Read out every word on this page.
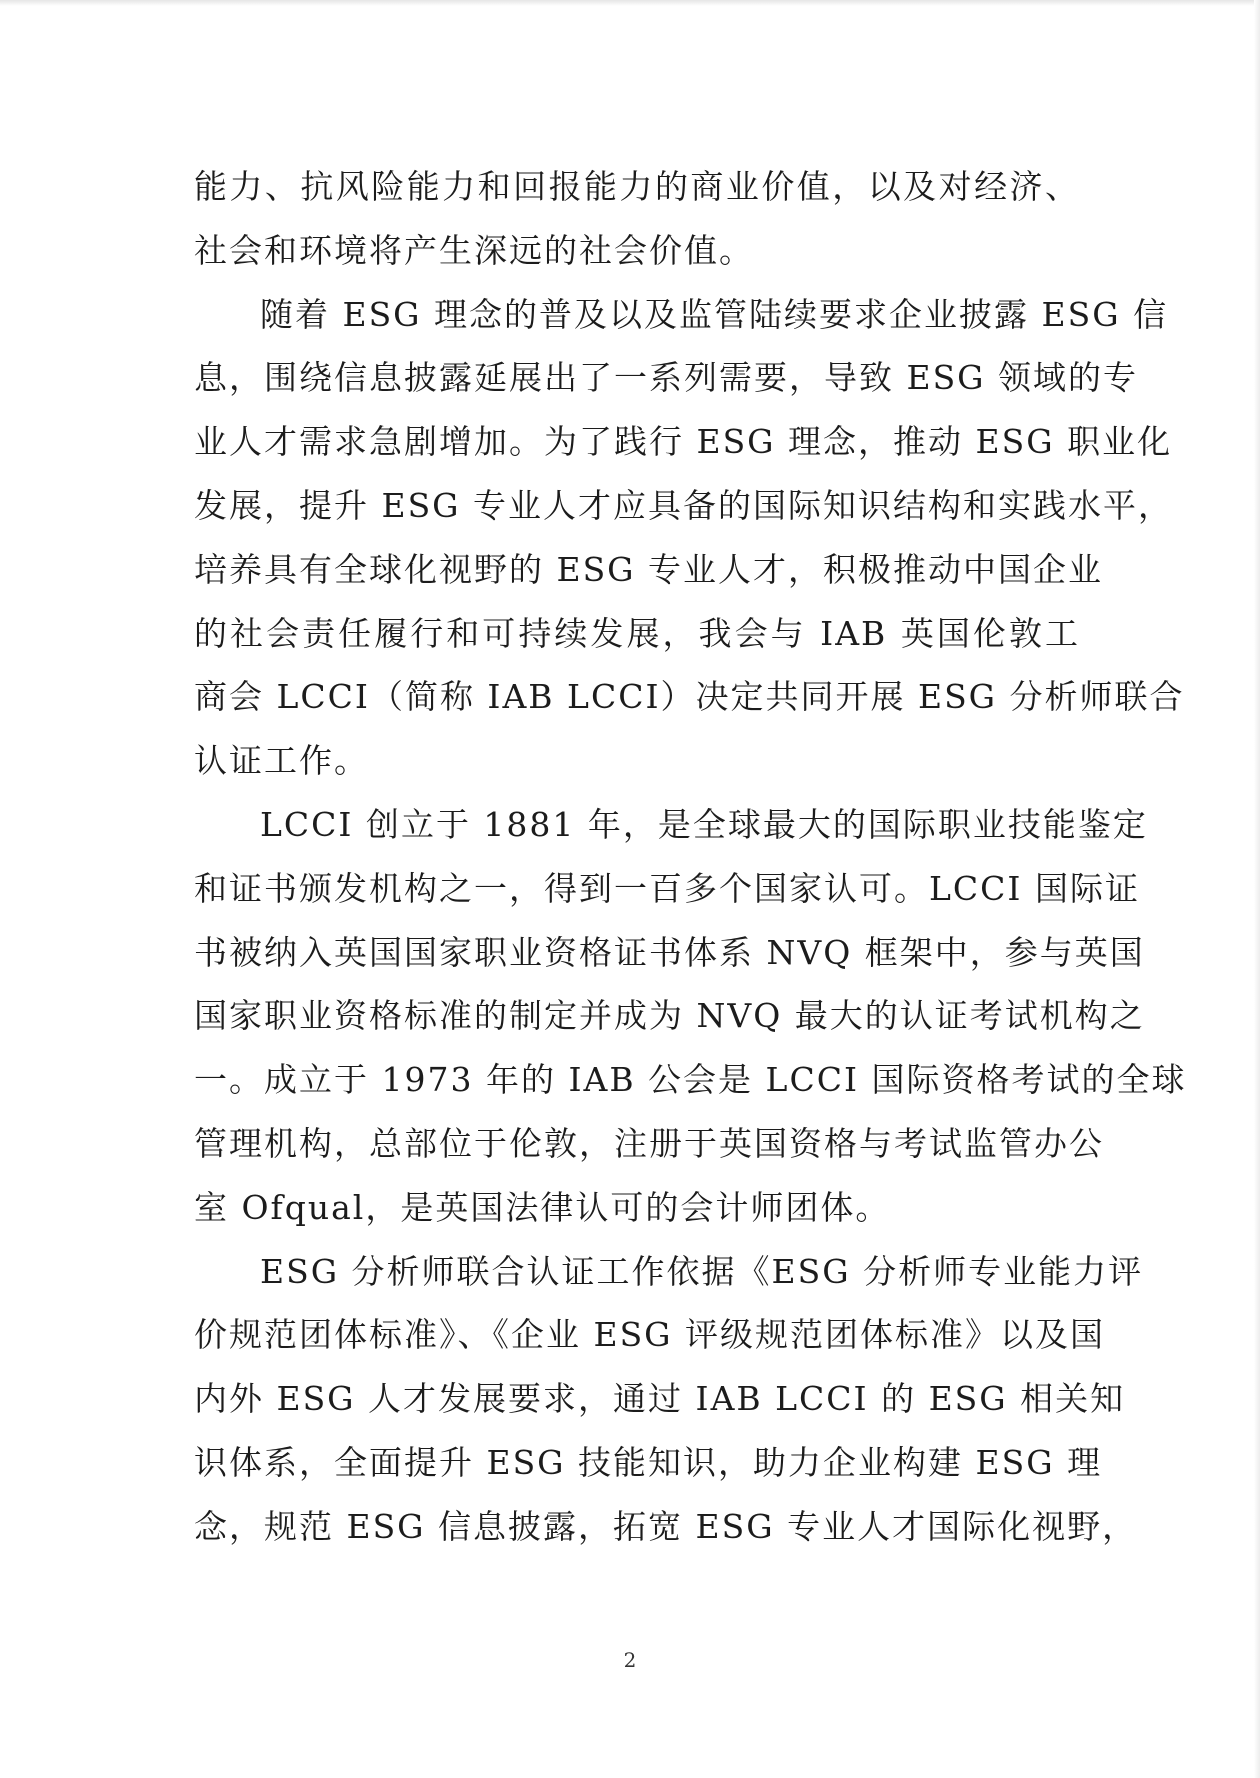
能力、抗风险能力和回报能力的商业价值，以及对经济、
社会和环境将产生深远的社会价值。
随着 ESG 理念的普及以及监管陆续要求企业披露 ESG 信
息，围绕信息披露延展出了一系列需要，导致 ESG 领域的专
业人才需求急剧增加。为了践行 ESG 理念，推动 ESG 职业化
发展，提升 ESG 专业人才应具备的国际知识结构和实践水平，
培养具有全球化视野的 ESG 专业人才，积极推动中国企业
的社会责任履行和可持续发展，我会与 IAB 英国伦敦工
商会 LCCI（简称 IAB LCCI）决定共同开展 ESG 分析师联合
认证工作。
LCCI 创立于 1881 年，是全球最大的国际职业技能鉴定
和证书颁发机构之一，得到一百多个国家认可。LCCI 国际证
书被纳入英国国家职业资格证书体系 NVQ 框架中，参与英国
国家职业资格标准的制定并成为 NVQ 最大的认证考试机构之
一。成立于 1973 年的 IAB 公会是 LCCI 国际资格考试的全球
管理机构，总部位于伦敦，注册于英国资格与考试监管办公
室 Ofqual，是英国法律认可的会计师团体。
ESG 分析师联合认证工作依据《ESG 分析师专业能力评
价规范团体标准》、《企业 ESG 评级规范团体标准》以及国
内外 ESG 人才发展要求，通过 IAB LCCI 的 ESG 相关知
识体系，全面提升 ESG 技能知识，助力企业构建 ESG 理
念，规范 ESG 信息披露，拓宽 ESG 专业人才国际化视野，
2
